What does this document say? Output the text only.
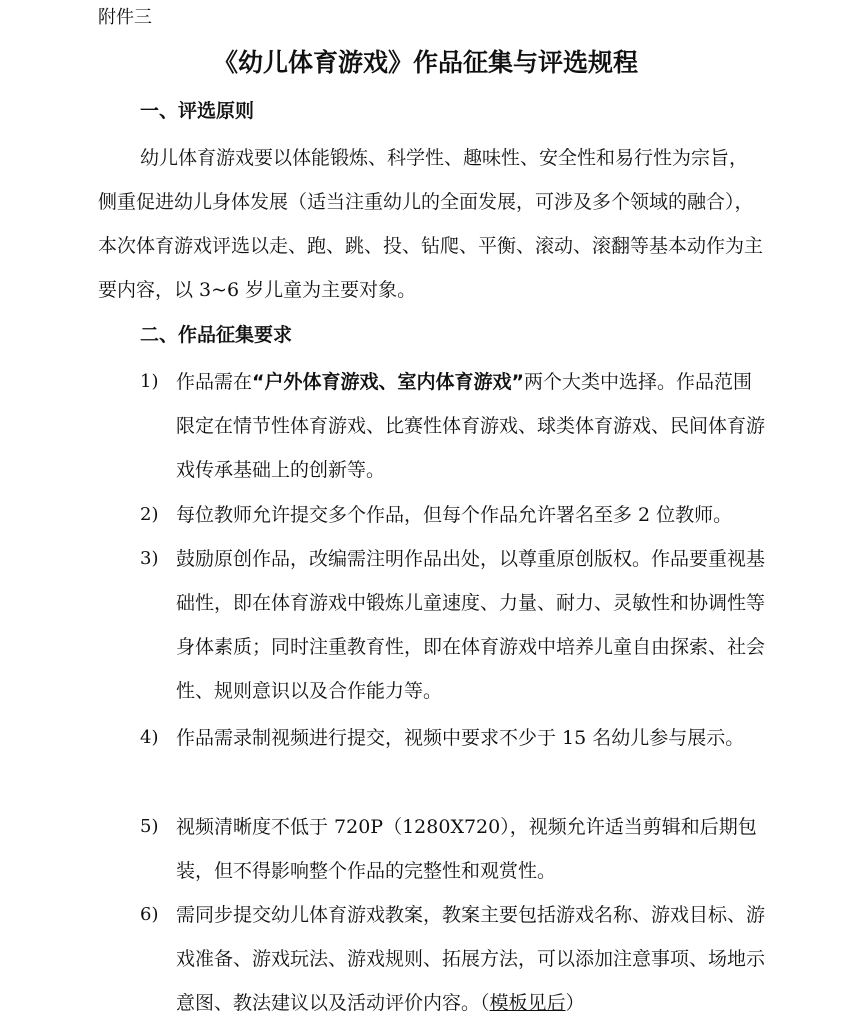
附件三
《幼儿体育游戏》作品征集与评选规程
一、评选原则
幼儿体育游戏要以体能锻炼、科学性、趣味性、安全性和易行性为宗旨，侧重促进幼儿身体发展（适当注重幼儿的全面发展，可涉及多个领域的融合），本次体育游戏评选以走、跑、跳、投、钻爬、平衡、滚动、滚翻等基本动作为主要内容，以 3~6 岁儿童为主要对象。
二、作品征集要求
1) 作品需在“户外体育游戏、室内体育游戏”两个大类中选择。作品范围限定在情节性体育游戏、比赛性体育游戏、球类体育游戏、民间体育游戏传承基础上的创新等。
2) 每位教师允许提交多个作品，但每个作品允许署名至多 2 位教师。
3) 鼓励原创作品，改编需注明作品出处，以尊重原创版权。作品要重视基础性，即在体育游戏中锻炼儿童速度、力量、耐力、灵敏性和协调性等身体素质；同时注重教育性，即在体育游戏中培养儿童自由探索、社会性、规则意识以及合作能力等。
4) 作品需录制视频进行提交，视频中要求不少于 15 名幼儿参与展示。
5) 视频清晰度不低于 720P（1280X720），视频允许适当剪辑和后期包装，但不得影响整个作品的完整性和观赏性。
6) 需同步提交幼儿体育游戏教案，教案主要包括游戏名称、游戏目标、游戏准备、游戏玩法、游戏规则、拓展方法，可以添加注意事项、场地示意图、教法建议以及活动评价内容。（模板见后）
